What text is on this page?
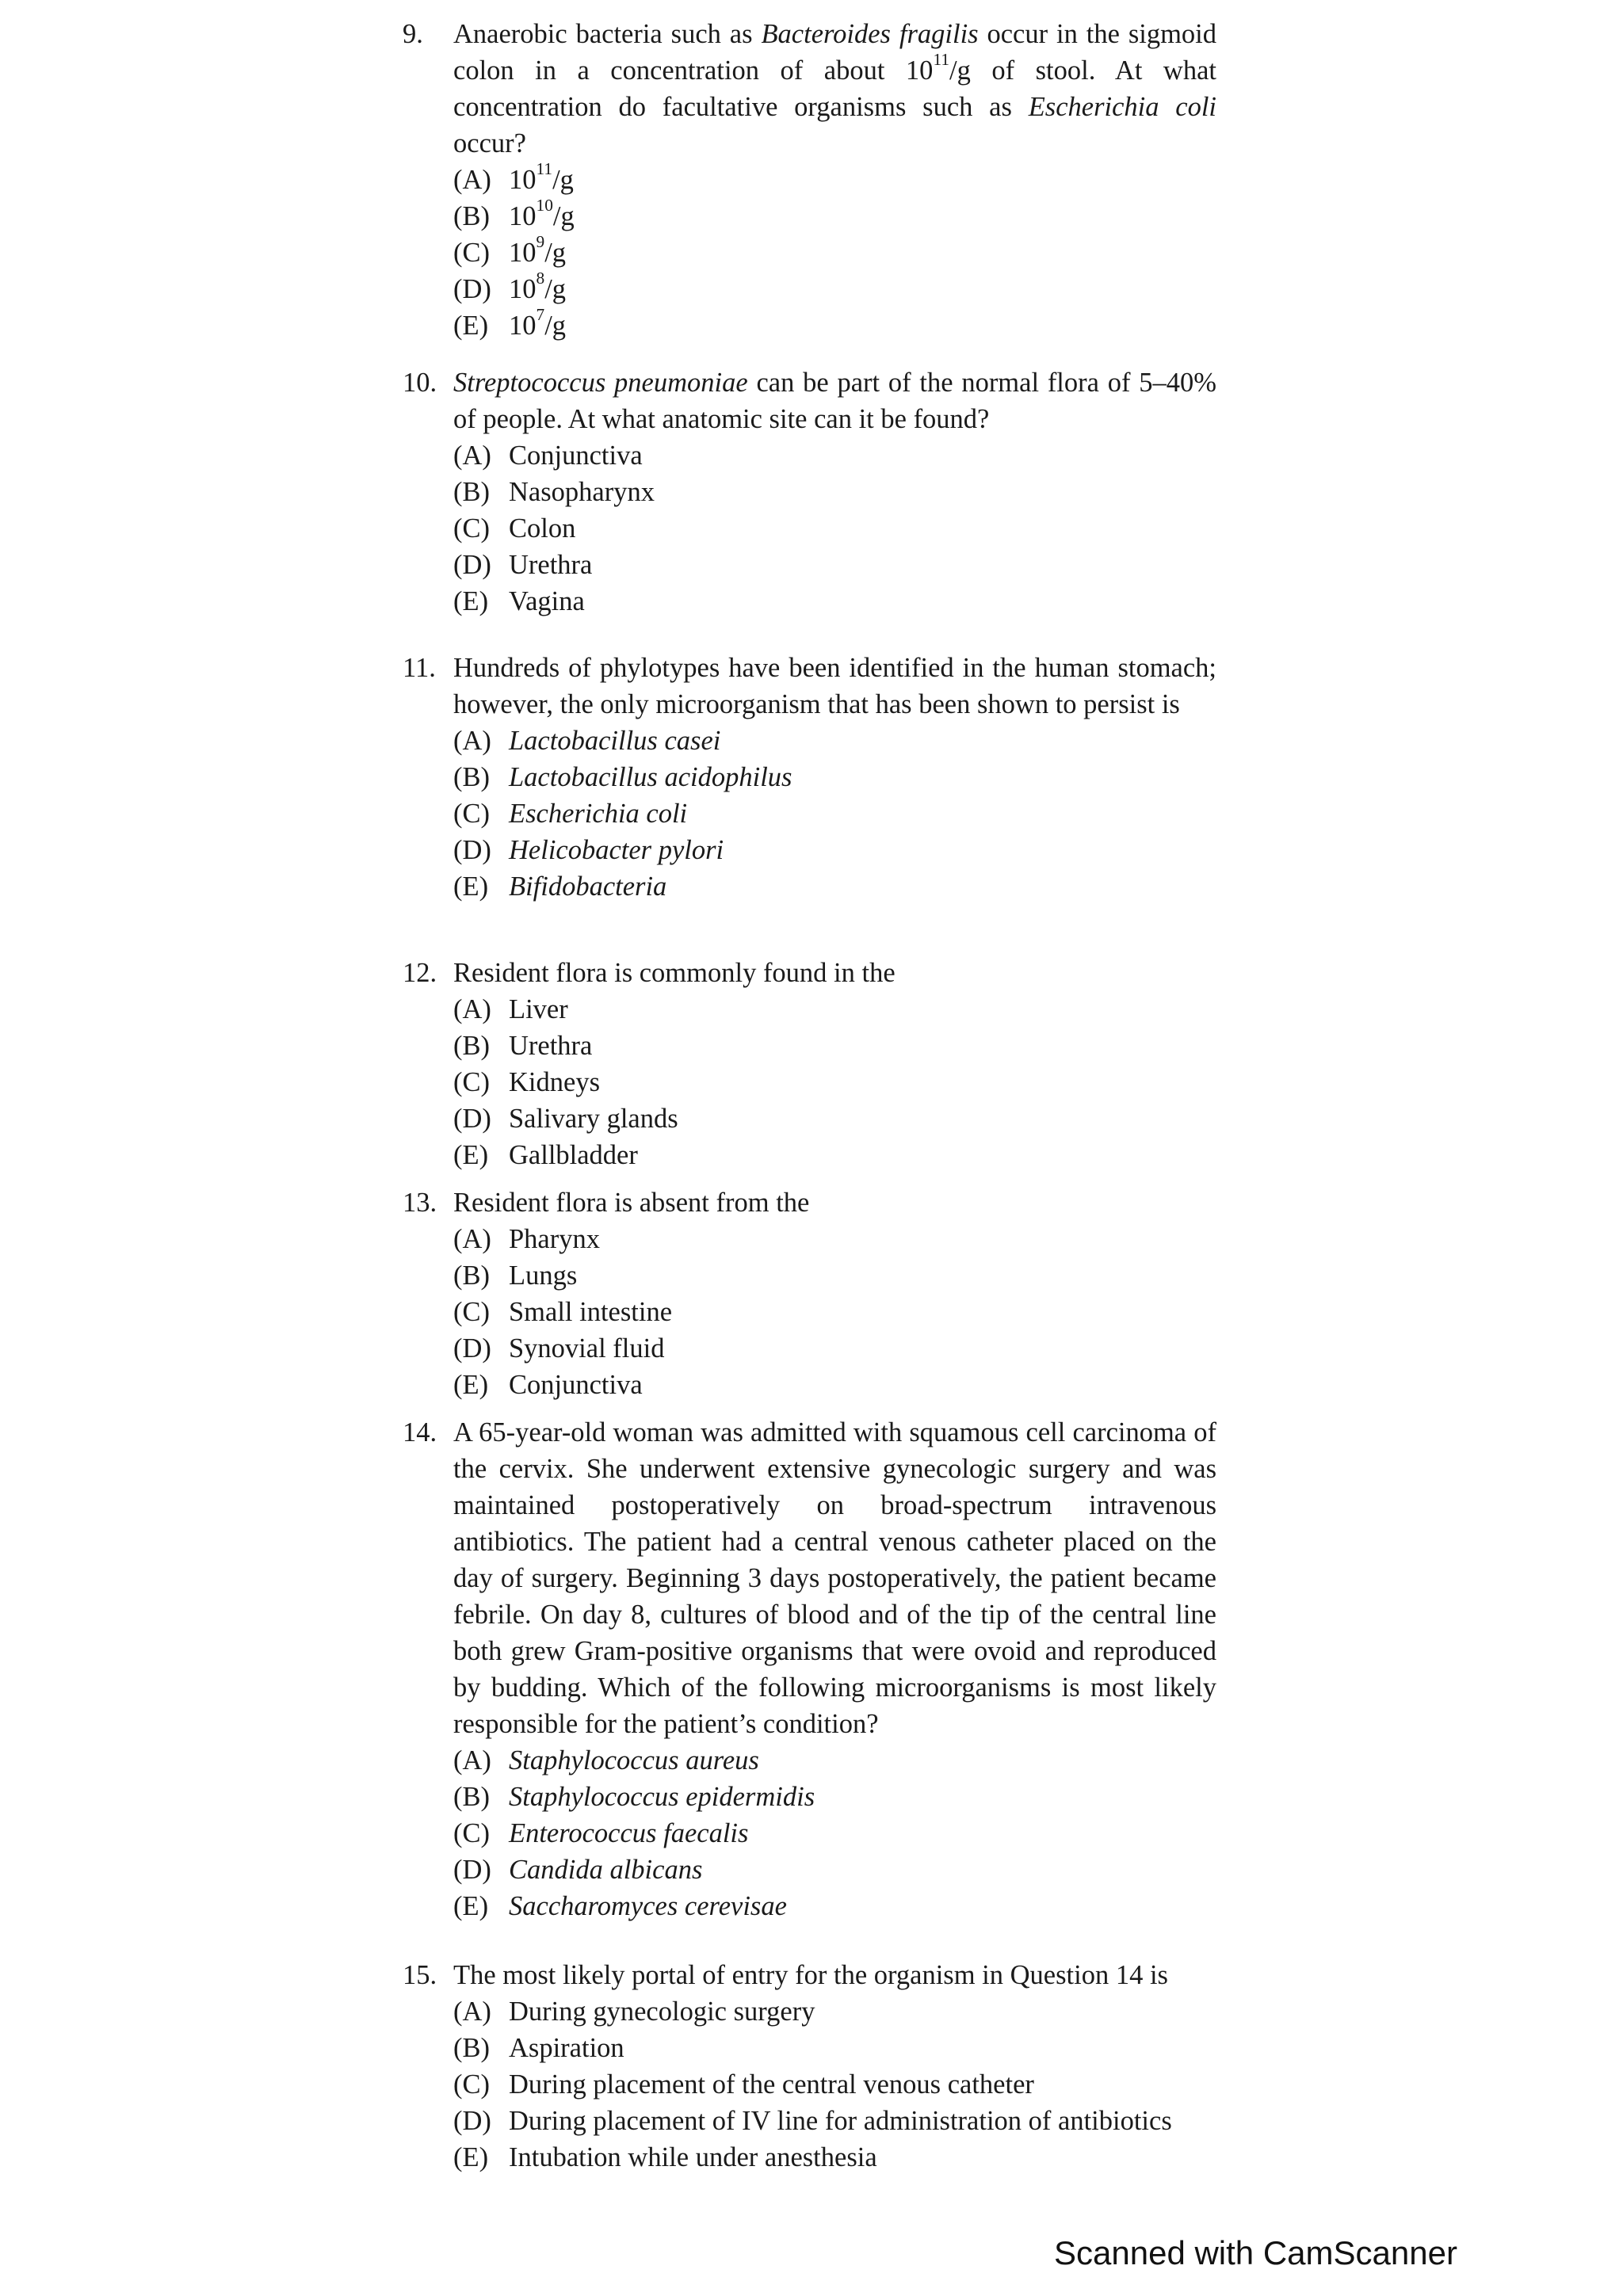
9. Anaerobic bacteria such as Bacteroides fragilis occur in the sigmoid colon in a concentration of about $10^{11}/g$ of stool. At what concentration do facultative organisms such as Escherichia coli occur?

(A) $10^{11}/g$
(B) $10^{10}/g$
(C) $10^9/g$
(D) $10^8/g$
(E) $10^7/g$

10. Streptococcus pneumoniae can be part of the normal flora of 5–40% of people. At what anatomic site can it be found?

(A) Conjunctiva
(B) Nasopharynx
(C) Colon
(D) Urethra
(E) Vagina

11. Hundreds of phylotypes have been identified in the human stomach; however, the only microorganism that has been shown to persist is

(A) Lactobacillus casei
(B) Lactobacillus acidophilus
(C) Escherichia coli
(D) Helicobacter pylori
(E) Bifidobacteria

12. Resident flora is commonly found in the

(A) Liver
(B) Urethra
(C) Kidneys
(D) Salivary glands
(E) Gallbladder

13. Resident flora is absent from the

(A) Pharynx
(B) Lungs
(C) Small intestine
(D) Synovial fluid
(E) Conjunctiva

14. A 65-year-old woman was admitted with squamous cell carcinoma of the cervix. She underwent extensive gynecologic surgery and was maintained postoperatively on broad-spectrum intravenous antibiotics. The patient had a central venous catheter placed on the day of surgery. Beginning 3 days postoperatively, the patient became febrile. On day 8, cultures of blood and of the tip of the central line both grew Gram-positive organisms that were ovoid and reproduced by budding. Which of the following microorganisms is most likely responsible for the patient’s condition?

(A) Staphylococcus aureus
(B) Staphylococcus epidermidis
(C) Enterococcus faecalis
(D) Candida albicans
(E) Saccharomyces cerevisae

15. The most likely portal of entry for the organism in Question 14 is

(A) During gynecologic surgery
(B) Aspiration
(C) During placement of the central venous catheter
(D) During placement of IV line for administration of antibiotics
(E) Intubation while under anesthesia
Scanned with CamScanner
